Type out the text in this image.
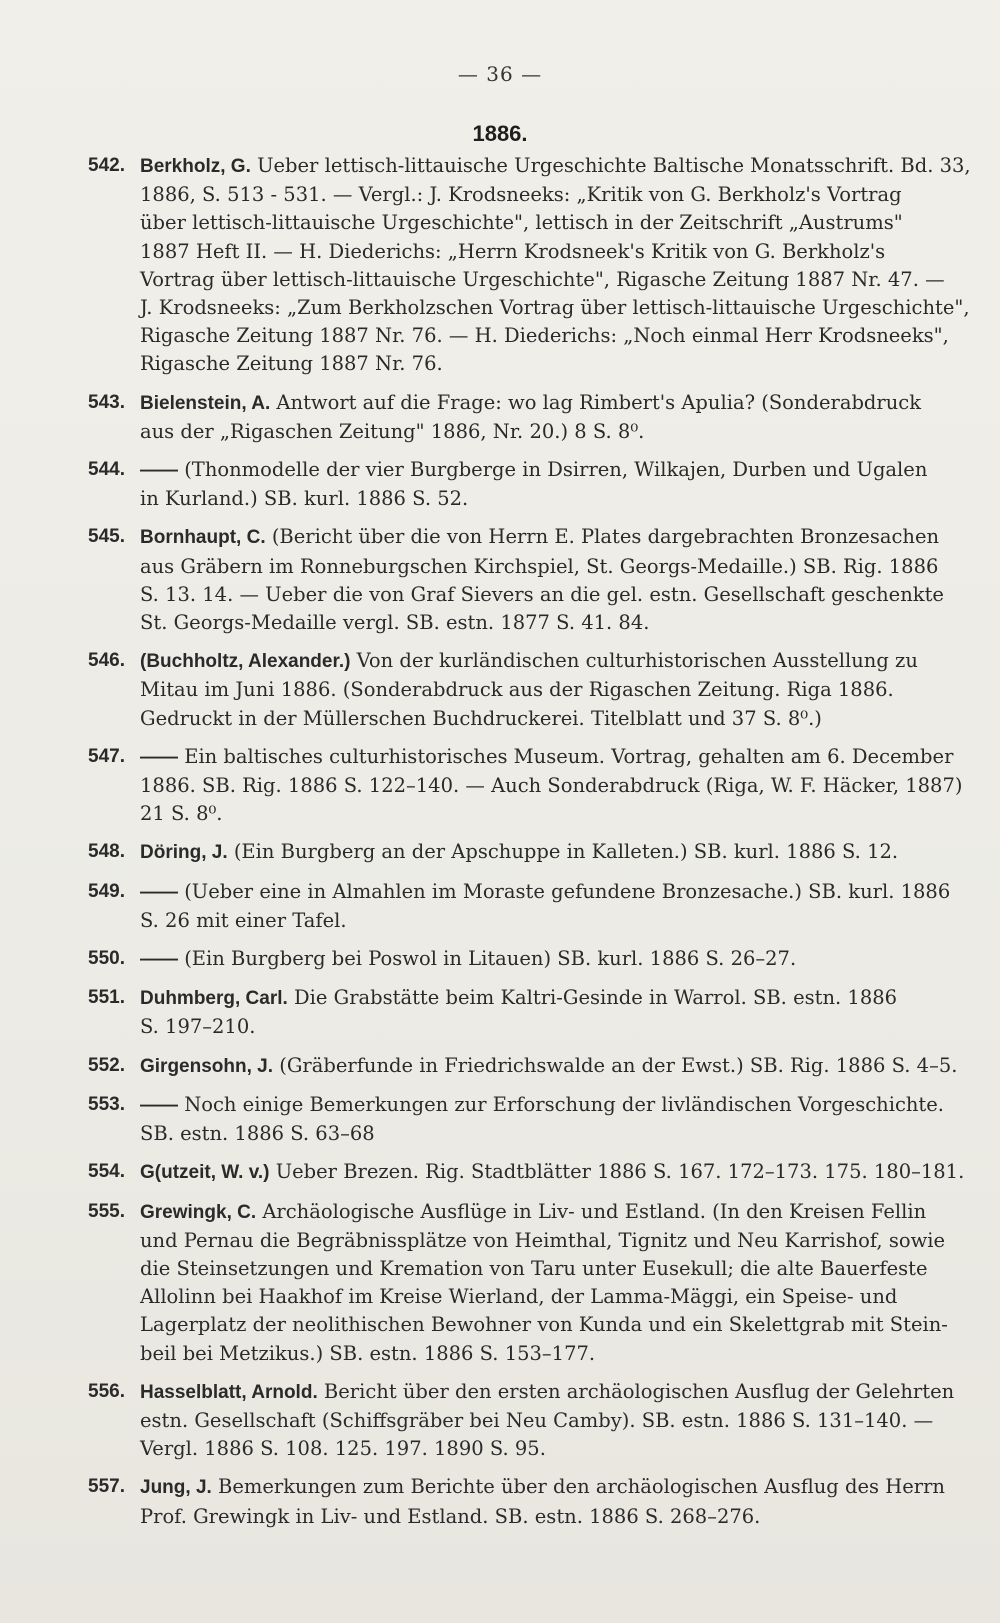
— 36 —
1886.
542. Berkholz, G. Ueber lettisch-littauische Urgeschichte Baltische Monatsschrift. Bd. 33,
1886, S. 513 - 531. — Vergl.: J. Krodsneeks: „Kritik von G. Berkholz's Vortrag
über lettisch-littauische Urgeschichte", lettisch in der Zeitschrift „Austrums"
1887 Heft II. — H. Diederichs: „Herrn Krodsneek's Kritik von G. Berkholz's
Vortrag über lettisch-littauische Urgeschichte", Rigasche Zeitung 1887 Nr. 47. —
J. Krodsneeks: „Zum Berkholzschen Vortrag über lettisch-littauische Urgeschichte",
Rigasche Zeitung 1887 Nr. 76. — H. Diederichs: „Noch einmal Herr Krodsneeks",
Rigasche Zeitung 1887 Nr. 76.
543. Bielenstein, A. Antwort auf die Frage: wo lag Rimbert's Apulia? (Sonderabdruck
aus der „Rigaschen Zeitung" 1886, Nr. 20.) 8 S. 8⁰.
544. —— (Thonmodelle der vier Burgberge in Dsirren, Wilkajen, Durben und Ugalen
in Kurland.) SB. kurl. 1886 S. 52.
545. Bornhaupt, C. (Bericht über die von Herrn E. Plates dargebrachten Bronzesachen
aus Gräbern im Ronneburgschen Kirchspiel, St. Georgs-Medaille.) SB. Rig. 1886
S. 13. 14. — Ueber die von Graf Sievers an die gel. estn. Gesellschaft geschenkte
St. Georgs-Medaille vergl. SB. estn. 1877 S. 41. 84.
546. (Buchholtz, Alexander.) Von der kurländischen culturhistorischen Ausstellung zu
Mitau im Juni 1886. (Sonderabdruck aus der Rigaschen Zeitung. Riga 1886.
Gedruckt in der Müllerschen Buchdruckerei. Titelblatt und 37 S. 8⁰.)
547. —— Ein baltisches culturhistorisches Museum. Vortrag, gehalten am 6. December
1886. SB. Rig. 1886 S. 122–140. — Auch Sonderabdruck (Riga, W. F. Häcker, 1887)
21 S. 8⁰.
548. Döring, J. (Ein Burgberg an der Apschuppe in Kalleten.) SB. kurl. 1886 S. 12.
549. —— (Ueber eine in Almahlen im Moraste gefundene Bronzesache.) SB. kurl. 1886
S. 26 mit einer Tafel.
550. —— (Ein Burgberg bei Poswol in Litauen) SB. kurl. 1886 S. 26–27.
551. Duhmberg, Carl. Die Grabstätte beim Kaltri-Gesinde in Warrol. SB. estn. 1886
S. 197–210.
552. Girgensohn, J. (Gräberfunde in Friedrichswalde an der Ewst.) SB. Rig. 1886 S. 4–5.
553. —— Noch einige Bemerkungen zur Erforschung der livländischen Vorgeschichte.
SB. estn. 1886 S. 63–68
554. G(utzeit, W. v.) Ueber Brezen. Rig. Stadtblätter 1886 S. 167. 172–173. 175. 180–181.
555. Grewingk, C. Archäologische Ausflüge in Liv- und Estland. (In den Kreisen Fellin
und Pernau die Begräbnissplätze von Heimthal, Tignitz und Neu Karrishof, sowie
die Steinsetzungen und Kremation von Taru unter Eusekull; die alte Bauerfeste
Allolinn bei Haakhof im Kreise Wierland, der Lamma-Mäggi, ein Speise- und
Lagerplatz der neolithischen Bewohner von Kunda und ein Skelettgrab mit Stein-
beil bei Metzikus.) SB. estn. 1886 S. 153–177.
556. Hasselblatt, Arnold. Bericht über den ersten archäologischen Ausflug der Gelehrten
estn. Gesellschaft (Schiffsgräber bei Neu Camby). SB. estn. 1886 S. 131–140. —
Vergl. 1886 S. 108. 125. 197. 1890 S. 95.
557. Jung, J. Bemerkungen zum Berichte über den archäologischen Ausflug des Herrn
Prof. Grewingk in Liv- und Estland. SB. estn. 1886 S. 268–276.
